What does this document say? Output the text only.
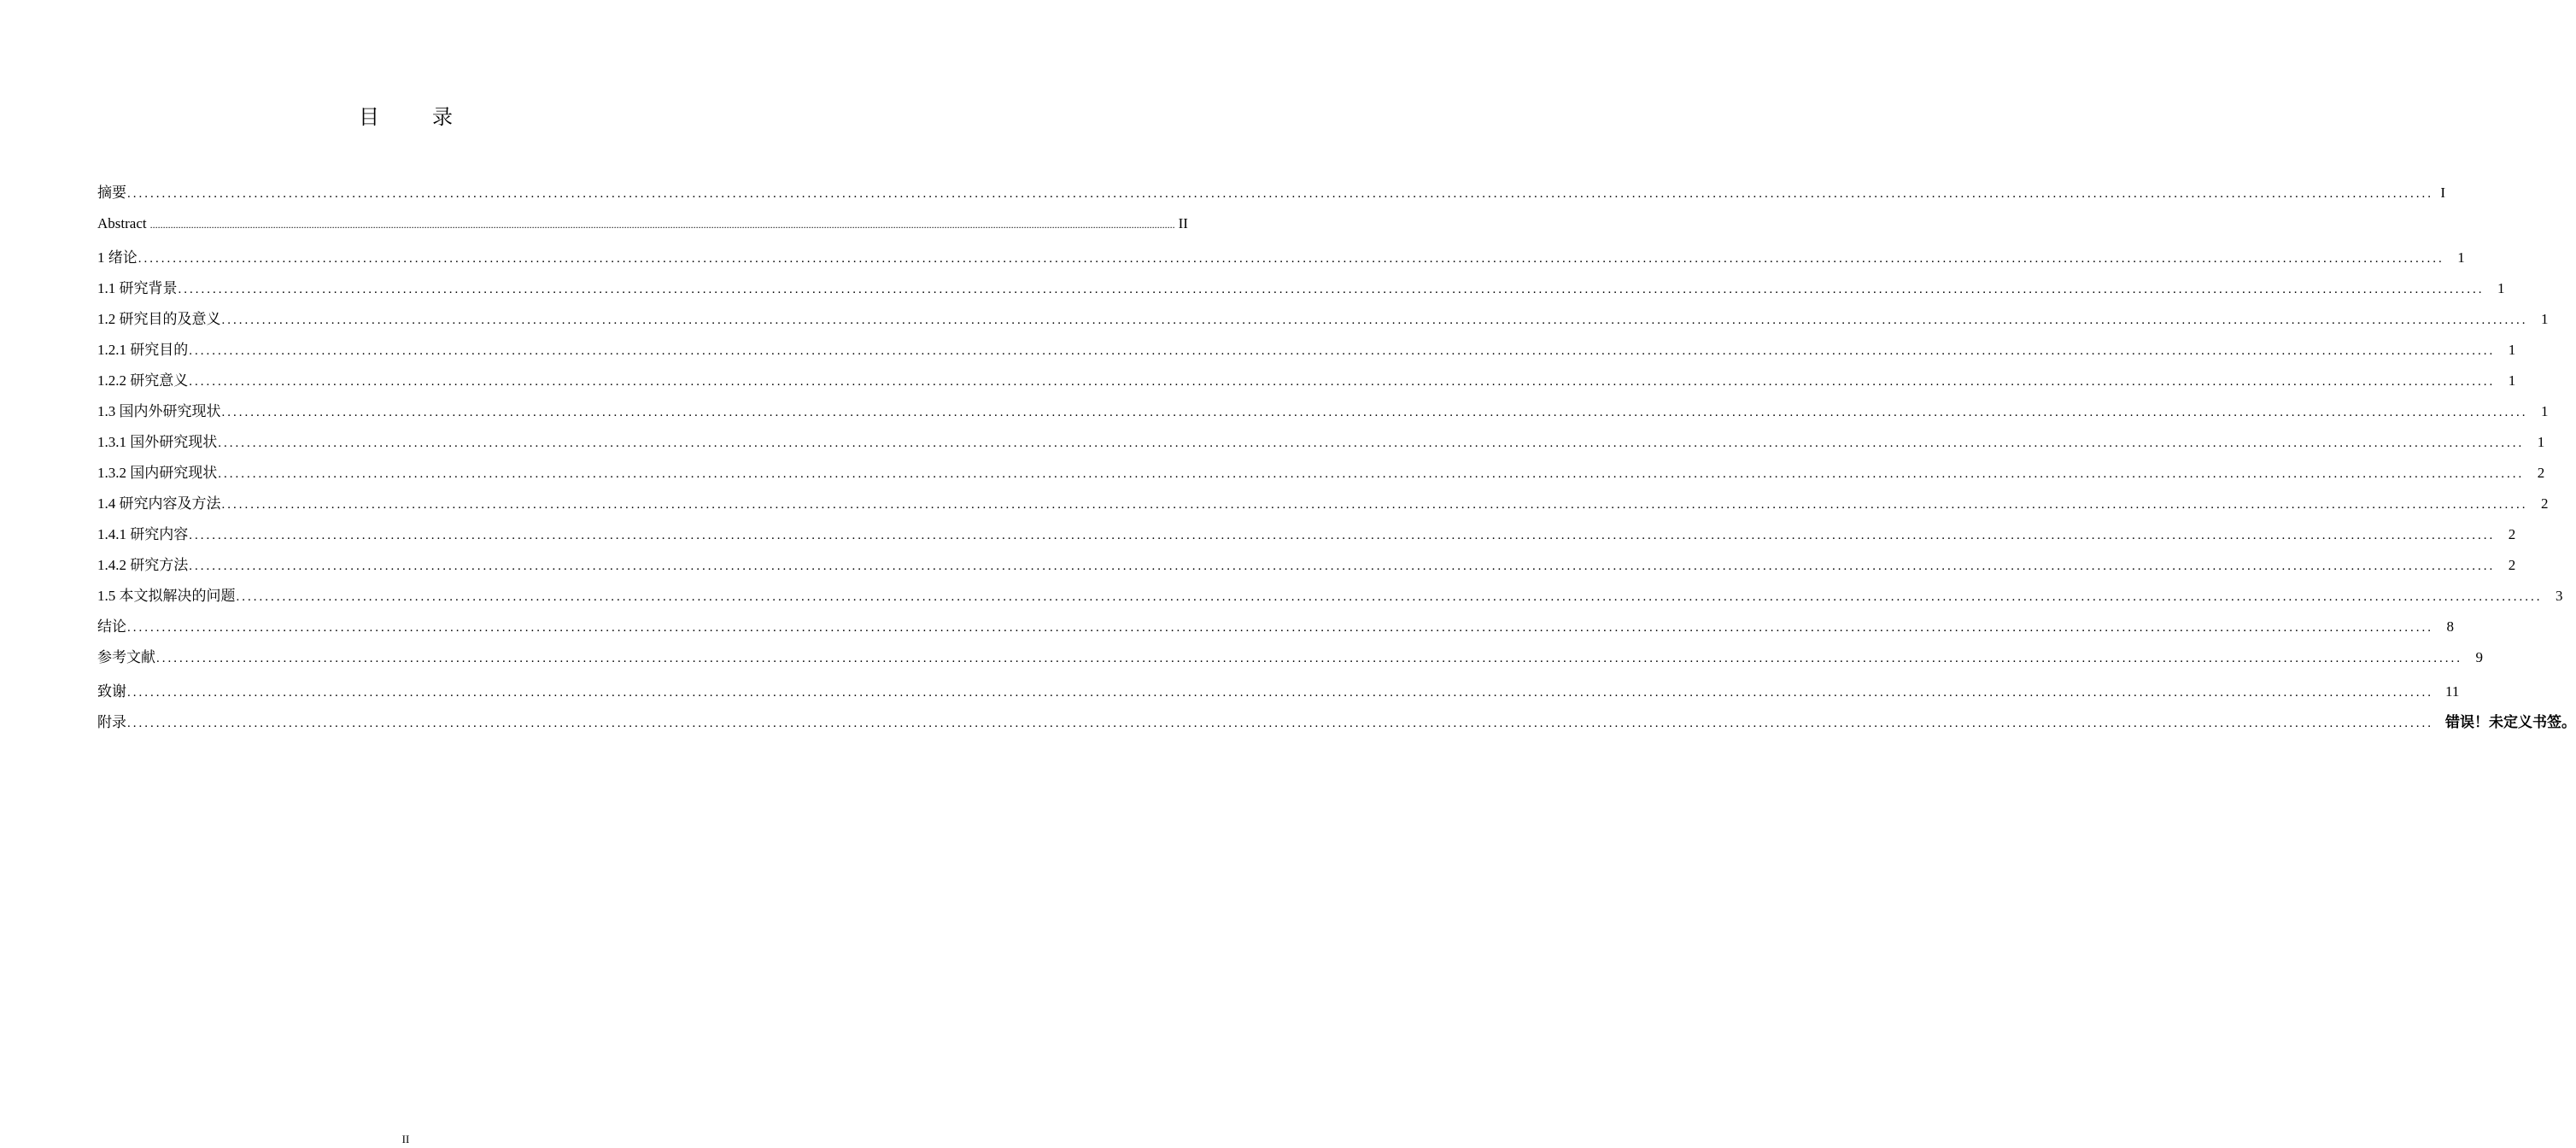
目 录
摘要 ................................................................................................................................................................................................................................................................................................................................................................................................................ I
Abstract ................................................................................................................................................................................................................................................................................................................................................................................................................ II
1 绪论 ................................................................................................................................................................................................................................................................................................................................................................................................................ 1
1.1 研究背景 ................................................................................................................................................................................................................................................................................................................................................................................................................ 1
1.2 研究目的及意义 ................................................................................................................................................................................................................................................................................................................................................................................................................ 1
1.2.1 研究目的 ................................................................................................................................................................................................................................................................................................................................................................................................................ 1
1.2.2 研究意义 ................................................................................................................................................................................................................................................................................................................................................................................................................ 1
1.3 国内外研究现状 ................................................................................................................................................................................................................................................................................................................................................................................................................ 1
1.3.1 国外研究现状 ................................................................................................................................................................................................................................................................................................................................................................................................................ 1
1.3.2 国内研究现状 ................................................................................................................................................................................................................................................................................................................................................................................................................ 2
1.4 研究内容及方法 ................................................................................................................................................................................................................................................................................................................................................................................................................ 2
1.4.1 研究内容 ................................................................................................................................................................................................................................................................................................................................................................................................................ 2
1.4.2 研究方法 ................................................................................................................................................................................................................................................................................................................................................................................................................ 2
1.5 本文拟解决的问题 ................................................................................................................................................................................................................................................................................................................................................................................................................ 3
结论 ................................................................................................................................................................................................................................................................................................................................................................................................................ 8
参考文献 ................................................................................................................................................................................................................................................................................................................................................................................................................ 9
致谢 ................................................................................................................................................................................................................................................................................................................................................................................................................ 11
附录 ................................................................................................................................................................................................................................................................................................................................................................................................................ 错误！未定义书签。
II
